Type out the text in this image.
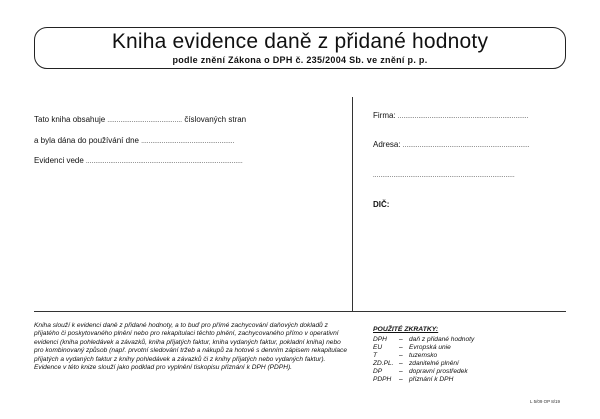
Kniha evidence daně z přidané hodnoty
podle znění Zákona o DPH č. 235/2004 Sb. ve znění p. p.
Tato kniha obsahuje ........................................ číslovaných stran
a byla dána do používání dne ..................................................
Evidenci vede ....................................................................................
Firma: ......................................................................
Adresa: ....................................................................
............................................................................
DIČ:
Kniha slouží k evidenci daně z přidané hodnoty, a to buď pro přímé zachycování daňových dokladů z přijatého či poskytovaného plnění nebo pro rekapitulaci těchto plnění, zachycovaného přímo v operativní evidenci (kniha pohledávek a závazků, kniha přijatých faktur, kniha vydaných faktur, pokladní kniha) nebo pro kombinovaný způsob (např. prvotní sledování tržeb a nákupů za hotové s denním zápisem rekapitulace přijatých a vydaných faktur z knihy pohledávek a závazků či z knihy přijatých nebo vydaných faktur). Evidence v této knize slouží jako podklad pro vyplnění tiskopisu přiznání k DPH (PDPH).
POUŽITÉ ZKRATKY:
DPH – daň z přidané hodnoty
EU	– Evropská unie
T	– tuzemsko
ZD.PL. – zdanitelné plnění
DP	– dopravní prostředek
PDPH – přiznání k DPH
L 5/09 OP 8/19
